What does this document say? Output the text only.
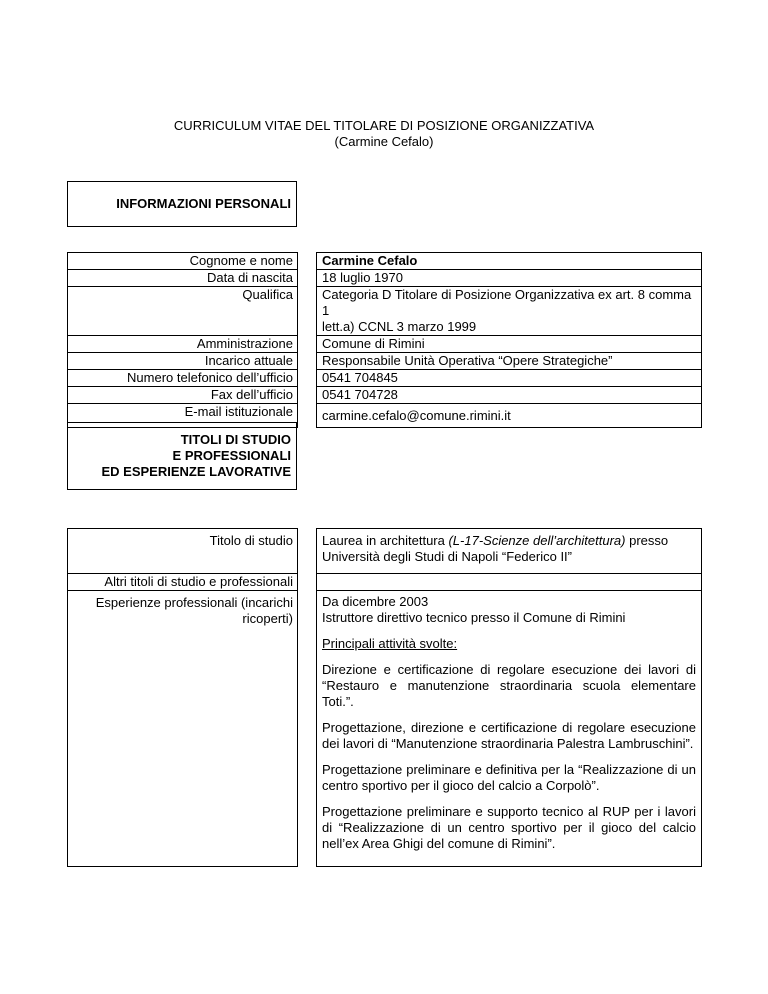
CURRICULUM VITAE DEL TITOLARE DI POSIZIONE ORGANIZZATIVA
(Carmine Cefalo)
INFORMAZIONI PERSONALI
Cognome e nome		Carmine Cefalo
Data di nascita		18 luglio 1970
Qualifica		Categoria D Titolare di Posizione Organizzativa ex art. 8 comma 1
lett.a) CCNL 3 marzo 1999
Amministrazione		Comune di Rimini
Incarico attuale		Responsabile Unità Operativa “Opere Strategiche”
Numero telefonico dell’ufficio		0541 704845
Fax dell’ufficio		0541 704728
E-mail istituzionale		carmine.cefalo@comune.rimini.it
TITOLI DI STUDIO
E PROFESSIONALI
ED ESPERIENZE LAVORATIVE
Titolo di studio		Laurea in architettura (L-17-Scienze dell’architettura) presso Università degli Studi di Napoli “Federico II”
Altri titoli di studio e professionali		
Esperienze professionali (incarichi ricoperti)		

Da dicembre 2003
Istruttore direttivo tecnico presso il Comune di Rimini

Principali attività svolte:

Direzione e certificazione di regolare esecuzione dei lavori di “Restauro e manutenzione straordinaria scuola elementare Toti.”.

Progettazione, direzione e certificazione di regolare esecuzione dei lavori di “Manutenzione straordinaria Palestra Lambruschini”.

Progettazione preliminare e definitiva per la “Realizzazione di un centro sportivo per il gioco del calcio a Corpolò”.

Progettazione preliminare e supporto tecnico al RUP per i lavori di “Realizzazione di un centro sportivo per il gioco del calcio nell’ex Area Ghigi del comune di Rimini”.
